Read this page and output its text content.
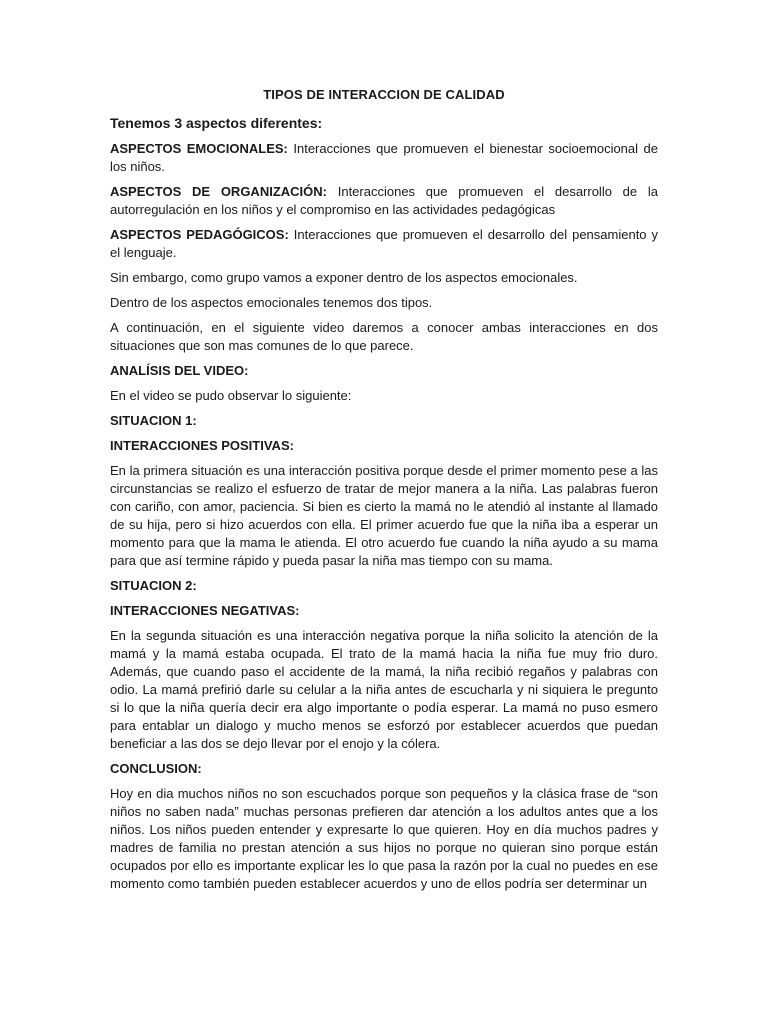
TIPOS DE INTERACCION DE CALIDAD
Tenemos 3 aspectos diferentes:

ASPECTOS EMOCIONALES: Interacciones que promueven el bienestar socioemocional de los niños.

ASPECTOS DE ORGANIZACIÓN: Interacciones que promueven el desarrollo de la autorregulación en los niños y el compromiso en las actividades pedagógicas

ASPECTOS PEDAGÓGICOS: Interacciones que promueven el desarrollo del pensamiento y el lenguaje.

Sin embargo, como grupo vamos a exponer dentro de los aspectos emocionales.

Dentro de los aspectos emocionales tenemos dos tipos.

A continuación, en el siguiente video daremos a conocer ambas interacciones en dos situaciones que son mas comunes de lo que parece.

ANALÍSIS DEL VIDEO:

En el video se pudo observar lo siguiente:

SITUACION 1:
INTERACCIONES POSITIVAS:

En la primera situación es una interacción positiva porque desde el primer momento pese a las circunstancias se realizo el esfuerzo de tratar de mejor manera a la niña. Las palabras fueron con cariño, con amor, paciencia. Si bien es cierto la mamá no le atendió al instante al llamado de su hija, pero si hizo acuerdos con ella. El primer acuerdo fue que la niña iba a esperar un momento para que la mama le atienda. El otro acuerdo fue cuando la niña ayudo a su mama para que así termine rápido y pueda pasar la niña mas tiempo con su mama.

SITUACION 2:
INTERACCIONES NEGATIVAS:

En la segunda situación es una interacción negativa porque la niña solicito la atención de la mamá y la mamá estaba ocupada. El trato de la mamá hacia la niña fue muy frio duro. Además, que cuando paso el accidente de la mamá, la niña recibió regaños y palabras con odio. La mamá prefirió darle su celular a la niña antes de escucharla y ni siquiera le pregunto si lo que la niña quería decir era algo importante o podía esperar. La mamá no puso esmero para entablar un dialogo y mucho menos se esforzó por establecer acuerdos que puedan beneficiar a las dos se dejo llevar por el enojo y la cólera.

CONCLUSION:

Hoy en dia muchos niños no son escuchados porque son pequeños y la clásica frase de “son niños no saben nada” muchas personas prefieren dar atención a los adultos antes que a los niños. Los niños pueden entender y expresarte lo que quieren. Hoy en día muchos padres y madres de familia no prestan atención a sus hijos no porque no quieran sino porque están ocupados por ello es importante explicar les lo que pasa la razón por la cual no puedes en ese momento como también pueden establecer acuerdos y uno de ellos podría ser determinar un
